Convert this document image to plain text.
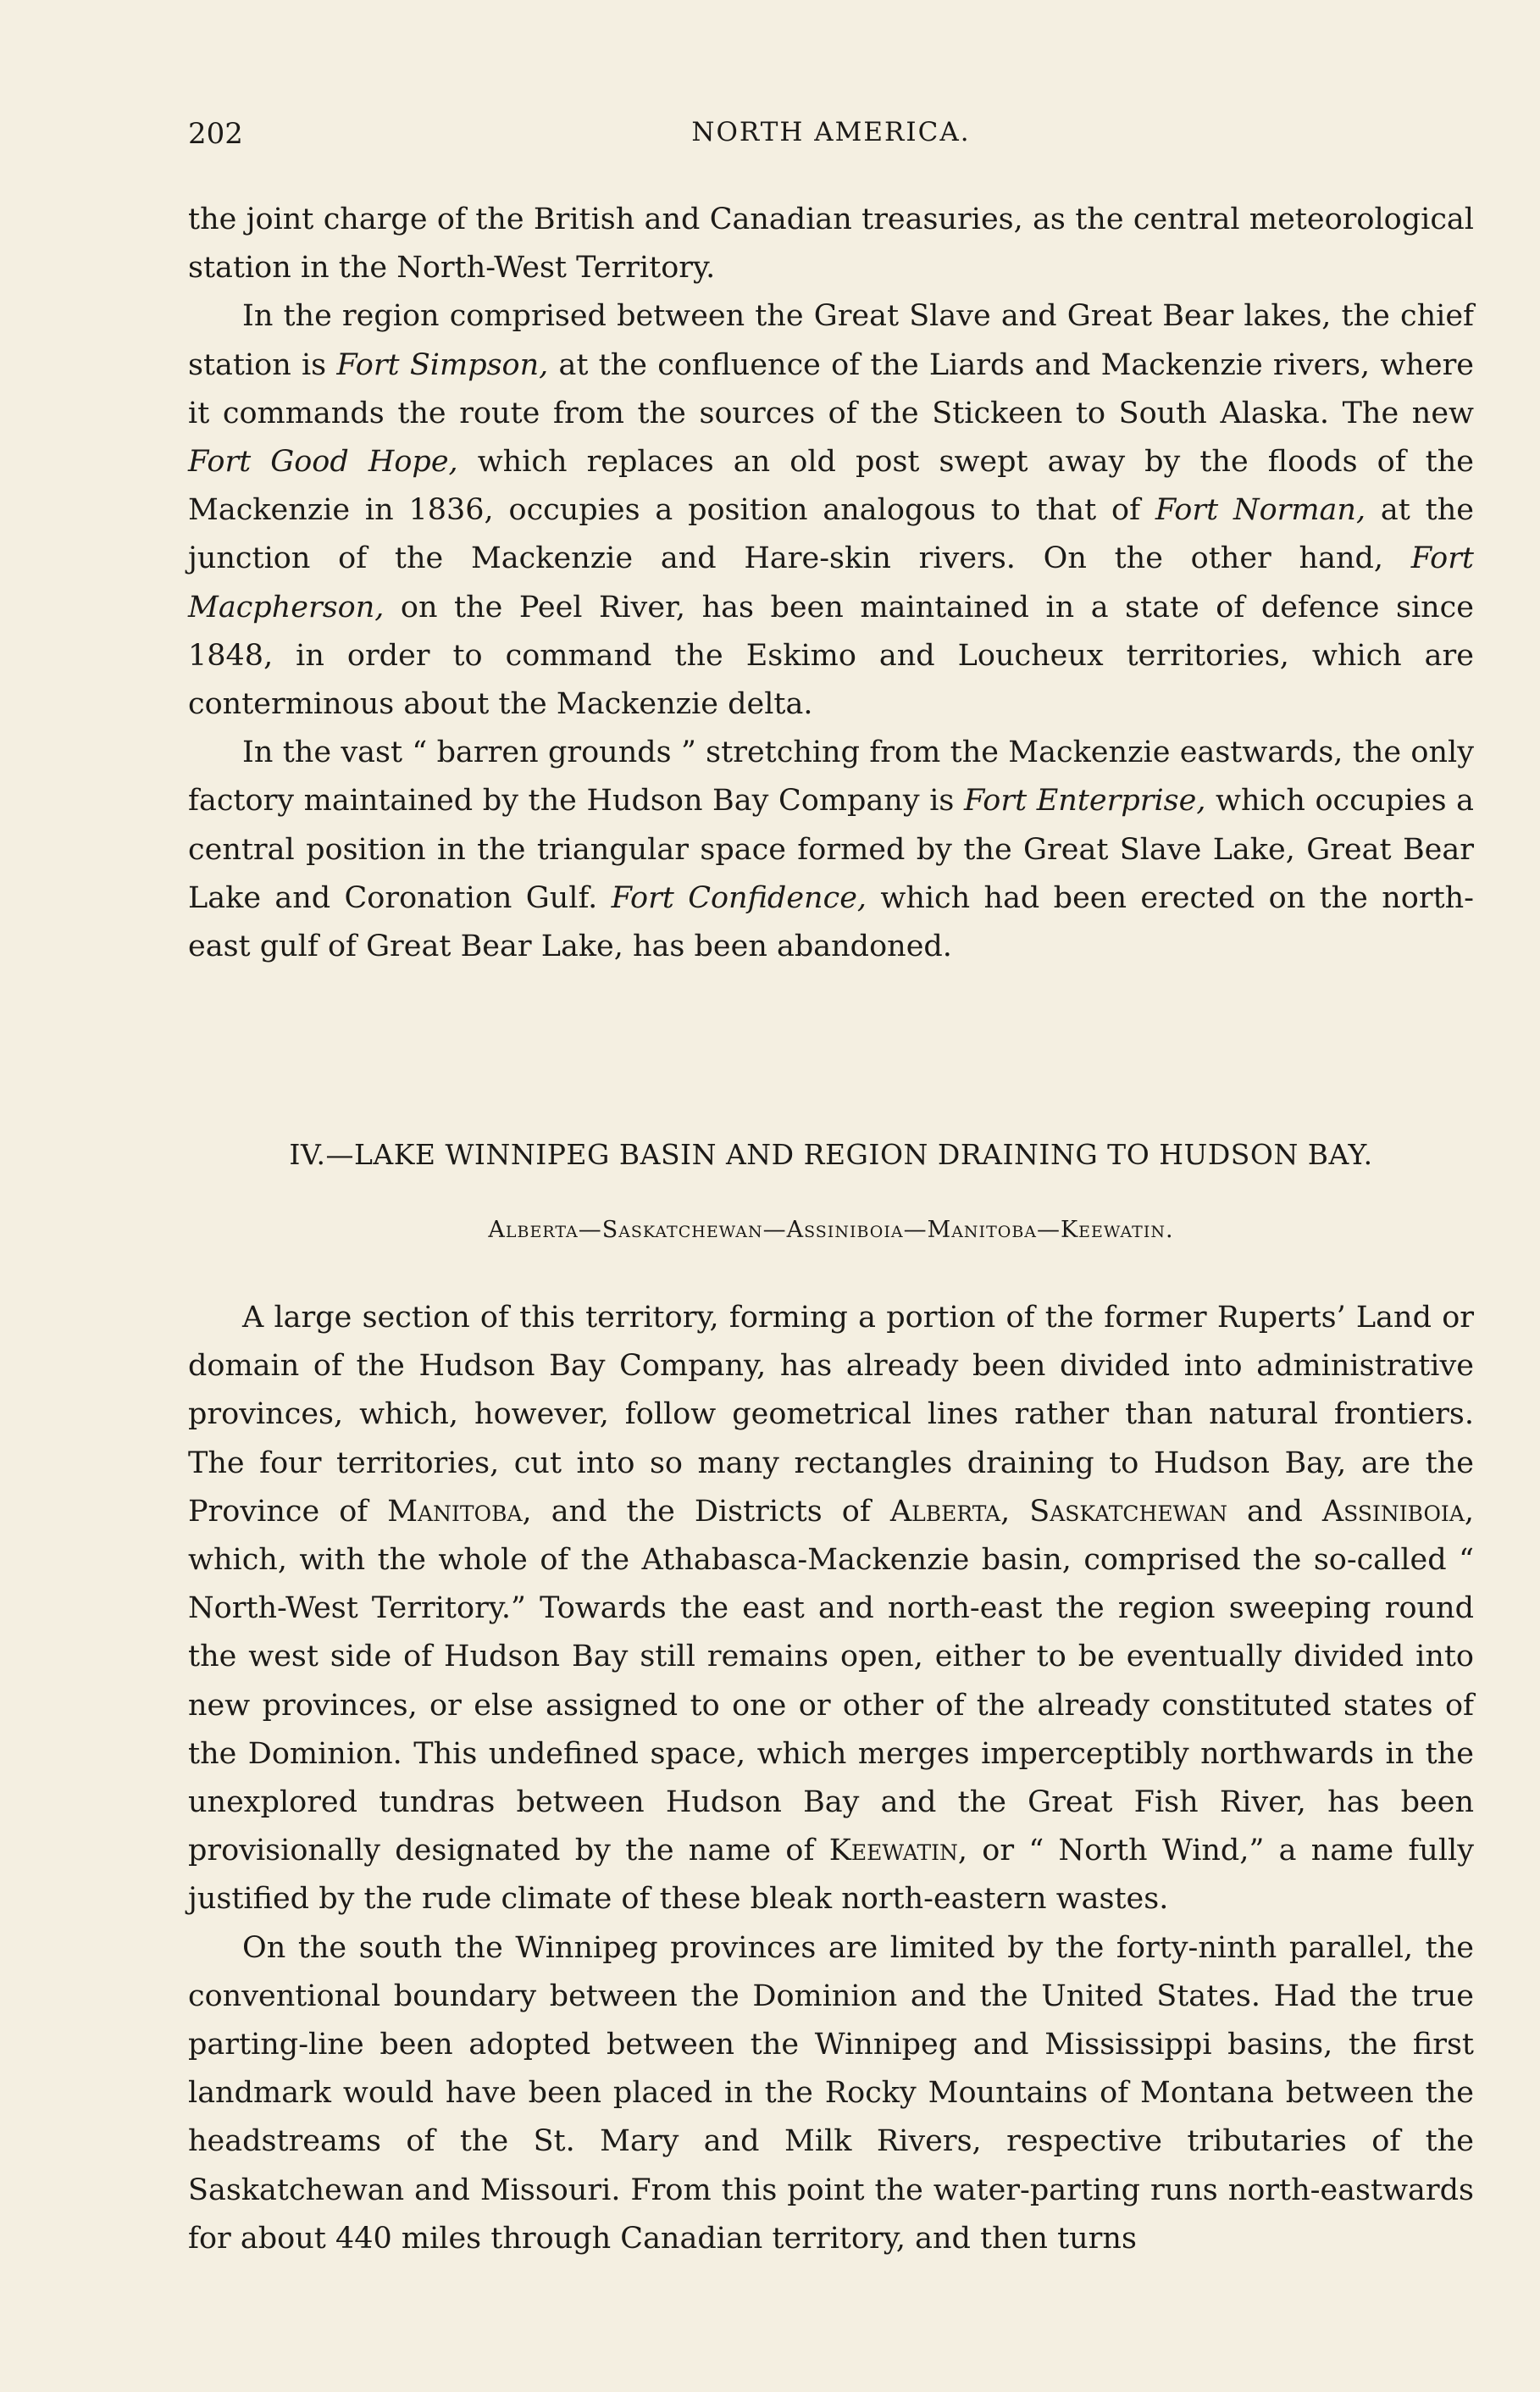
202	NORTH AMERICA.

the joint charge of the British and Canadian treasuries, as the central meteorological station in the North-West Territory.

In the region comprised between the Great Slave and Great Bear lakes, the chief station is Fort Simpson, at the confluence of the Liards and Mackenzie rivers, where it commands the route from the sources of the Stickeen to South Alaska. The new Fort Good Hope, which replaces an old post swept away by the floods of the Mackenzie in 1836, occupies a position analogous to that of Fort Norman, at the junction of the Mackenzie and Hare-skin rivers. On the other hand, Fort Macpherson, on the Peel River, has been maintained in a state of defence since 1848, in order to command the Eskimo and Loucheux territories, which are conterminous about the Mackenzie delta.

In the vast “ barren grounds ” stretching from the Mackenzie eastwards, the only factory maintained by the Hudson Bay Company is Fort Enterprise, which occupies a central position in the triangular space formed by the Great Slave Lake, Great Bear Lake and Coronation Gulf. Fort Confidence, which had been erected on the north-east gulf of Great Bear Lake, has been abandoned.

IV.—LAKE WINNIPEG BASIN AND REGION DRAINING TO HUDSON BAY.
Alberta—Saskatchewan—Assiniboia—Manitoba—Keewatin.

A large section of this territory, forming a portion of the former Ruperts’ Land or domain of the Hudson Bay Company, has already been divided into administrative provinces, which, however, follow geometrical lines rather than natural frontiers. The four territories, cut into so many rectangles draining to Hudson Bay, are the Province of Manitoba, and the Districts of Alberta, Saskatchewan and Assiniboia, which, with the whole of the Athabasca-Mackenzie basin, comprised the so-called “ North-West Territory.” Towards the east and north-east the region sweeping round the west side of Hudson Bay still remains open, either to be eventually divided into new provinces, or else assigned to one or other of the already constituted states of the Dominion. This undefined space, which merges imperceptibly northwards in the unexplored tundras between Hudson Bay and the Great Fish River, has been provisionally designated by the name of Keewatin, or “ North Wind,” a name fully justified by the rude climate of these bleak north-eastern wastes.

On the south the Winnipeg provinces are limited by the forty-ninth parallel, the conventional boundary between the Dominion and the United States. Had the true parting-line been adopted between the Winnipeg and Mississippi basins, the first landmark would have been placed in the Rocky Mountains of Montana between the headstreams of the St. Mary and Milk Rivers, respective tributaries of the Saskatchewan and Missouri. From this point the water-parting runs north-eastwards for about 440 miles through Canadian territory, and then turns
